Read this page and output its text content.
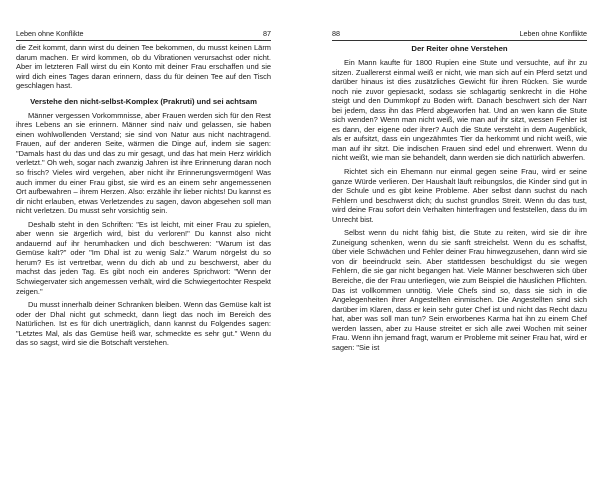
Leben ohne Konflikte	87

die Zeit kommt, dann wirst du deinen Tee bekommen, du musst keinen Lärm darum machen. Er wird kommen, ob du Vibrationen verursachst oder nicht. Aber im letzteren Fall wirst du ein Konto mit deiner Frau erschaffen und sie wird dich eines Tages daran erinnern, dass du für deinen Tee auf den Tisch geschlagen hast.

Verstehe den nicht-selbst-Komplex (Prakruti) und sei achtsam

Männer vergessen Vorkommnisse, aber Frauen werden sich für den Rest ihres Lebens an sie erinnern. Männer sind naiv und gelassen, sie haben einen wohlwollenden Verstand; sie sind von Natur aus nicht nachtragend. Frauen, auf der anderen Seite, wärmen die Dinge auf, indem sie sagen: "Damals hast du das und das zu mir gesagt, und das hat mein Herz wirklich verletzt." Oh weh, sogar nach zwanzig Jahren ist ihre Erinnerung daran noch so frisch? Vieles wird vergehen, aber nicht ihr Erinnerungsvermögen! Was auch immer du einer Frau gibst, sie wird es an einem sehr angemessenen Ort aufbewahren – ihrem Herzen. Also: erzähle ihr lieber nichts! Du kannst es dir nicht erlauben, etwas Verletzendes zu sagen, davon abgesehen soll man nicht verletzen. Du musst sehr vorsichtig sein.

Deshalb steht in den Schriften: "Es ist leicht, mit einer Frau zu spielen, aber wenn sie ärgerlich wird, bist du verloren!" Du kannst also nicht andauernd auf ihr herumhacken und dich beschweren: "Warum ist das Gemüse kalt?" oder "Im Dhal ist zu wenig Salz." Warum nörgelst du so herum? Es ist vertretbar, wenn du dich ab und zu beschwerst, aber du machst das jeden Tag. Es gibt noch ein anderes Sprichwort: "Wenn der Schwiegervater sich angemessen verhält, wird die Schwiegertochter Respekt zeigen."

Du musst innerhalb deiner Schranken bleiben. Wenn das Gemüse kalt ist oder der Dhal nicht gut schmeckt, dann liegt das noch im Bereich des Natürlichen. Ist es für dich unerträglich, dann kannst du Folgendes sagen: "Letztes Mal, als das Gemüse heiß war, schmeckte es sehr gut." Wenn du das so sagst, wird sie die Botschaft verstehen.

88	Leben ohne Konflikte
Der Reiter ohne Verstehen

Ein Mann kaufte für 1800 Rupien eine Stute und versuchte, auf ihr zu sitzen. Zuallererst einmal weiß er nicht, wie man sich auf ein Pferd setzt und darüber hinaus ist dies zusätzliches Gewicht für ihren Rücken. Sie wurde noch nie zuvor gepiesackt, sodass sie schlagartig senkrecht in die Höhe steigt und den Dummkopf zu Boden wirft. Danach beschwert sich der Narr bei jedem, dass ihn das Pferd abgeworfen hat. Und an wen kann die Stute sich wenden? Wenn man nicht weiß, wie man auf ihr sitzt, wessen Fehler ist es dann, der eigene oder ihrer? Auch die Stute versteht in dem Augenblick, als er aufsitzt, dass ein ungezähmtes Tier da herkommt und nicht weiß, wie man auf ihr sitzt. Die indischen Frauen sind edel und ehrenwert. Wenn du nicht weißt, wie man sie behandelt, dann werden sie dich natürlich abwerfen.

Richtet sich ein Ehemann nur einmal gegen seine Frau, wird er seine ganze Würde verlieren. Der Haushalt läuft reibungslos, die Kinder sind gut in der Schule und es gibt keine Probleme. Aber selbst dann suchst du nach Fehlern und beschwerst dich; du suchst grundlos Streit. Wenn du das tust, wird deine Frau sofort dein Verhalten hinterfragen und feststellen, dass du im Unrecht bist.

Selbst wenn du nicht fähig bist, die Stute zu reiten, wird sie dir ihre Zuneigung schenken, wenn du sie sanft streichelst. Wenn du es schaffst, über viele Schwächen und Fehler deiner Frau hinwegzusehen, dann wird sie von dir beeindruckt sein. Aber stattdessen beschuldigst du sie wegen Fehlern, die sie gar nicht begangen hat. Viele Männer beschweren sich über Bereiche, die der Frau unterliegen, wie zum Beispiel die häuslichen Pflichten. Das ist vollkommen unnötig. Viele Chefs sind so, dass sie sich in die Angelegenheiten ihrer Angestellten einmischen. Die Angestellten sind sich darüber im Klaren, dass er kein sehr guter Chef ist und nicht das Recht dazu hat, aber was soll man tun? Sein erworbenes Karma hat ihn zu einem Chef werden lassen, aber zu Hause streitet er sich alle zwei Wochen mit seiner Frau. Wenn ihn jemand fragt, warum er Probleme mit seiner Frau hat, wird er sagen: "Sie ist
